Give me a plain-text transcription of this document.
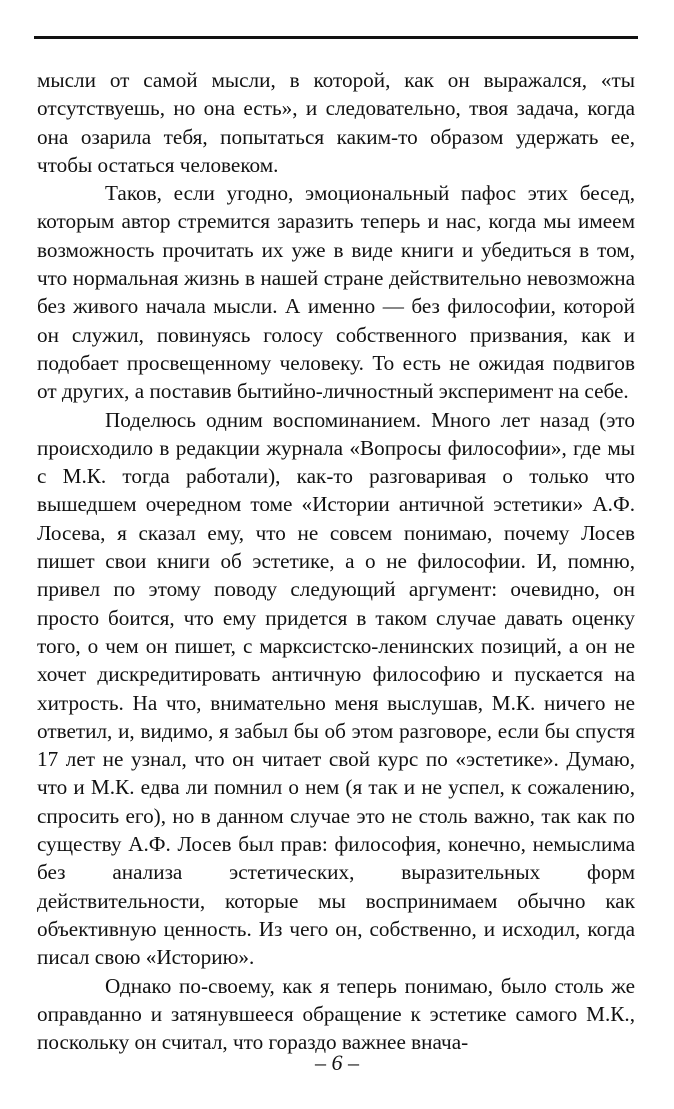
мысли от самой мысли, в которой, как он выражался, «ты отсутствуешь, но она есть», и следовательно, твоя задача, когда она озарила тебя, попытаться каким-то образом удержать ее, чтобы остаться человеком.

Таков, если угодно, эмоциональный пафос этих бесед, которым автор стремится заразить теперь и нас, когда мы имеем возможность прочитать их уже в виде книги и убедиться в том, что нормальная жизнь в нашей стране действительно невозможна без живого начала мысли. А именно — без философии, которой он служил, повинуясь голосу собственного призвания, как и подобает просвещенному человеку. То есть не ожидая подвигов от других, а поставив бытийно-личностный эксперимент на себе.

Поделюсь одним воспоминанием. Много лет назад (это происходило в редакции журнала «Вопросы философии», где мы с М.К. тогда работали), как-то разговаривая о только что вышедшем очередном томе «Истории античной эстетики» А.Ф. Лосева, я сказал ему, что не совсем понимаю, почему Лосев пишет свои книги об эстетике, а о не философии. И, помню, привел по этому поводу следующий аргумент: очевидно, он просто боится, что ему придется в таком случае давать оценку того, о чем он пишет, с марксистско-ленинских позиций, а он не хочет дискредитировать античную философию и пускается на хитрость. На что, внимательно меня выслушав, М.К. ничего не ответил, и, видимо, я забыл бы об этом разговоре, если бы спустя 17 лет не узнал, что он читает свой курс по «эстетике». Думаю, что и М.К. едва ли помнил о нем (я так и не успел, к сожалению, спросить его), но в данном случае это не столь важно, так как по существу А.Ф. Лосев был прав: философия, конечно, немыслима без анализа эстетических, выразительных форм действительности, которые мы воспринимаем обычно как объективную ценность. Из чего он, собственно, и исходил, когда писал свою «Историю».

Однако по-своему, как я теперь понимаю, было столь же оправданно и затянувшееся обращение к эстетике самого М.К., поскольку он считал, что гораздо важнее внача-

– 6 –
